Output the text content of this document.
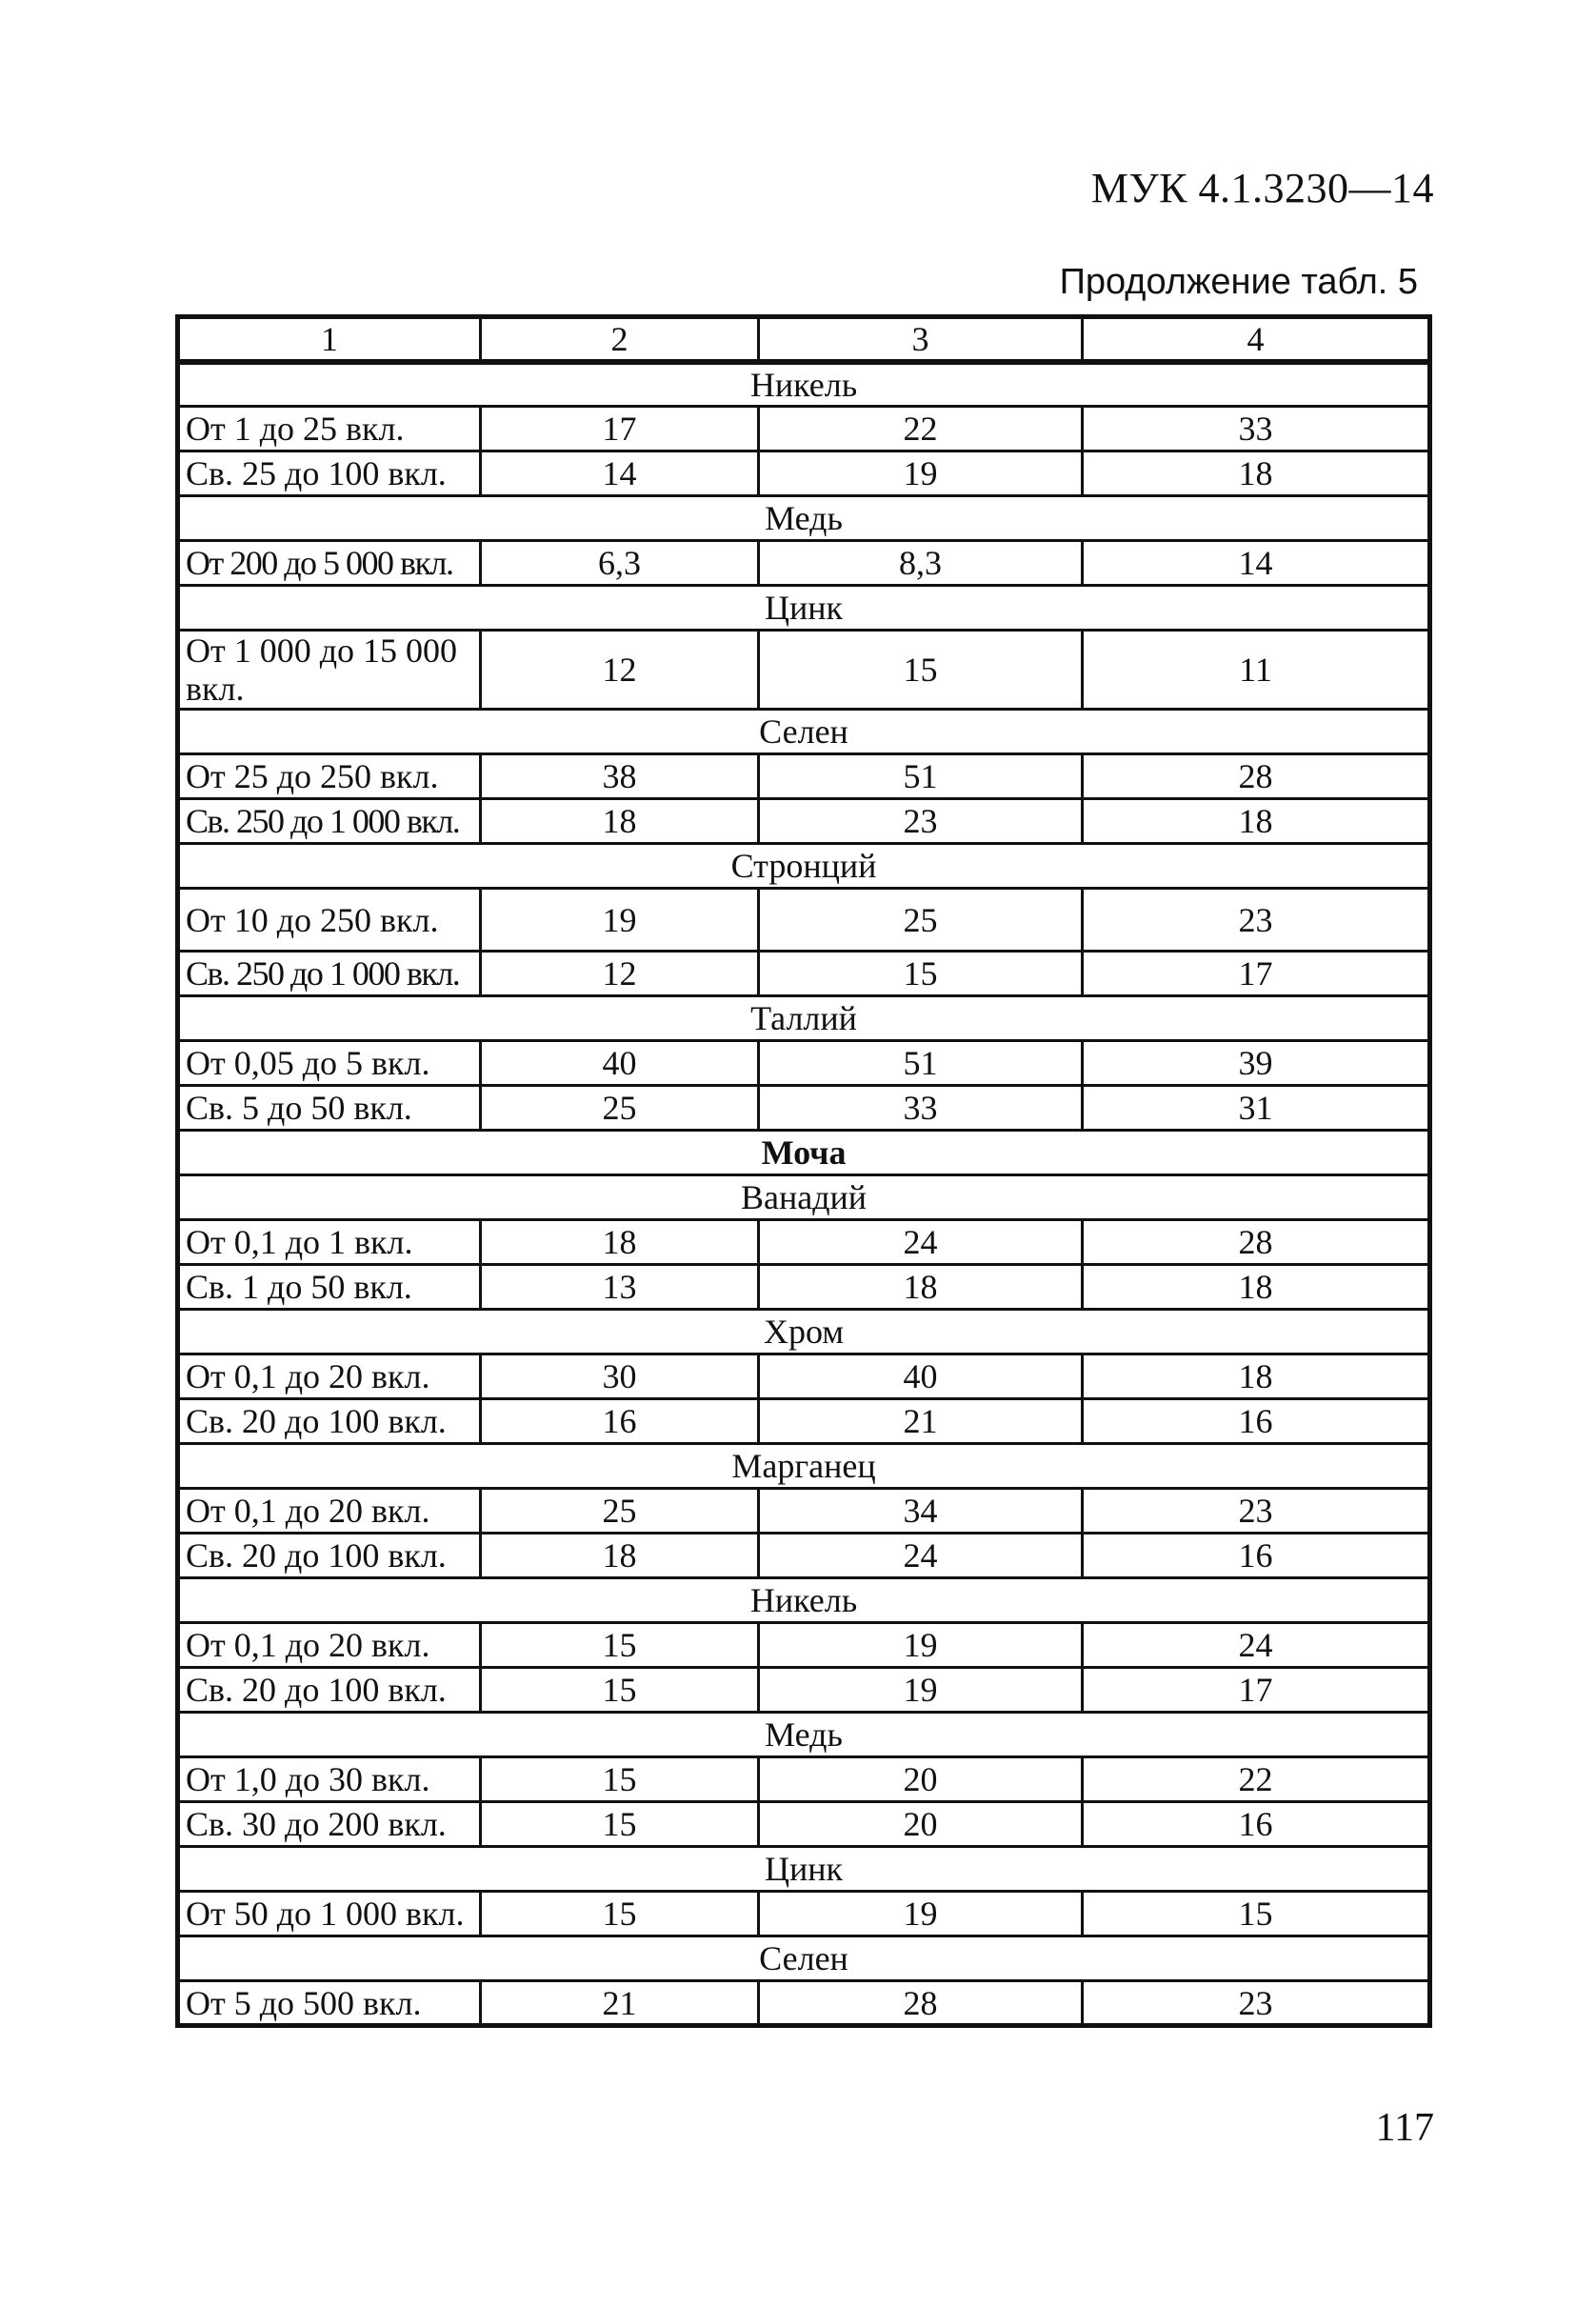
МУК 4.1.3230—14
Продолжение табл. 5
1	2	3	4
Никель			
От 1 до 25 вкл.	17	22	33
Св. 25 до 100 вкл.	14	19	18
Медь			
От 200 до 5 000 вкл.	6,3	8,3	14
Цинк			
От 1 000 до 15 000 вкл.	12	15	11
Селен			
От 25 до 250 вкл.	38	51	28
Св. 250 до 1 000 вкл.	18	23	18
Стронций			
От 10 до 250 вкл.	19	25	23
Св. 250 до 1 000 вкл.	12	15	17
Таллий			
От 0,05 до 5 вкл.	40	51	39
Св. 5 до 50 вкл.	25	33	31
Моча			
Ванадий			
От 0,1 до 1 вкл.	18	24	28
Св. 1 до 50 вкл.	13	18	18
Хром			
От 0,1 до 20 вкл.	30	40	18
Св. 20 до 100 вкл.	16	21	16
Марганец			
От 0,1 до 20 вкл.	25	34	23
Св. 20 до 100 вкл.	18	24	16
Никель			
От 0,1 до 20 вкл.	15	19	24
Св. 20 до 100 вкл.	15	19	17
Медь			
От 1,0 до 30 вкл.	15	20	22
Св. 30 до 200 вкл.	15	20	16
Цинк			
От 50 до 1 000 вкл.	15	19	15
Селен			
От 5 до 500 вкл.	21	28	23
117
